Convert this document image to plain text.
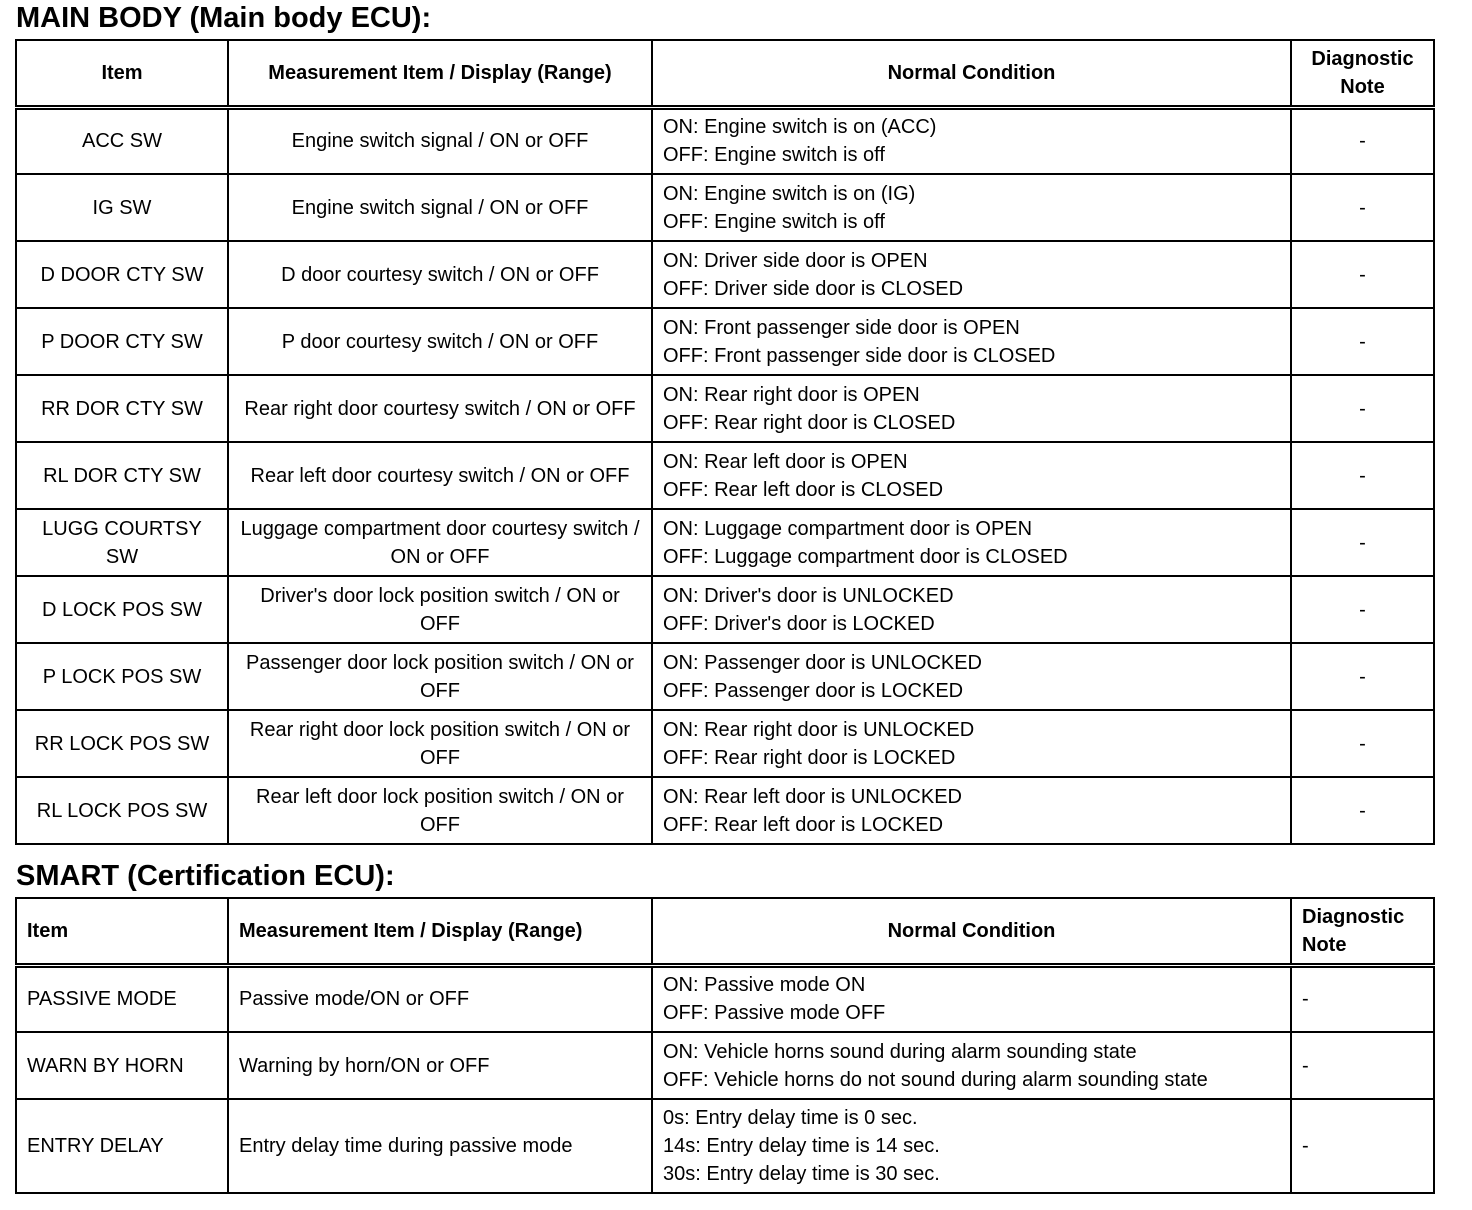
MAIN BODY (Main body ECU):
Item	Measurement Item / Display (Range)	Normal Condition	Diagnostic Note
ACC SW	Engine switch signal / ON or OFF	ON: Engine switch is on (ACC)
OFF: Engine switch is off	-
IG SW	Engine switch signal / ON or OFF	ON: Engine switch is on (IG)
OFF: Engine switch is off	-
D DOOR CTY SW	D door courtesy switch / ON or OFF	ON: Driver side door is OPEN
OFF: Driver side door is CLOSED	-
P DOOR CTY SW	P door courtesy switch / ON or OFF	ON: Front passenger side door is OPEN
OFF: Front passenger side door is CLOSED	-
RR DOR CTY SW	Rear right door courtesy switch / ON or OFF	ON: Rear right door is OPEN
OFF: Rear right door is CLOSED	-
RL DOR CTY SW	Rear left door courtesy switch / ON or OFF	ON: Rear left door is OPEN
OFF: Rear left door is CLOSED	-
LUGG COURTSY SW	Luggage compartment door courtesy switch / ON or OFF	ON: Luggage compartment door is OPEN
OFF: Luggage compartment door is CLOSED	-
D LOCK POS SW	Driver's door lock position switch / ON or OFF	ON: Driver's door is UNLOCKED
OFF: Driver's door is LOCKED	-
P LOCK POS SW	Passenger door lock position switch / ON or OFF	ON: Passenger door is UNLOCKED
OFF: Passenger door is LOCKED	-
RR LOCK POS SW	Rear right door lock position switch / ON or OFF	ON: Rear right door is UNLOCKED
OFF: Rear right door is LOCKED	-
RL LOCK POS SW	Rear left door lock position switch / ON or OFF	ON: Rear left door is UNLOCKED
OFF: Rear left door is LOCKED	-
SMART (Certification ECU):
Item	Measurement Item / Display (Range)	Normal Condition	Diagnostic Note
PASSIVE MODE	Passive mode/ON or OFF	ON: Passive mode ON
OFF: Passive mode OFF	-
WARN BY HORN	Warning by horn/ON or OFF	ON: Vehicle horns sound during alarm sounding state
OFF: Vehicle horns do not sound during alarm sounding state	-
ENTRY DELAY	Entry delay time during passive mode	0s: Entry delay time is 0 sec.
14s: Entry delay time is 14 sec.
30s: Entry delay time is 30 sec.	-
